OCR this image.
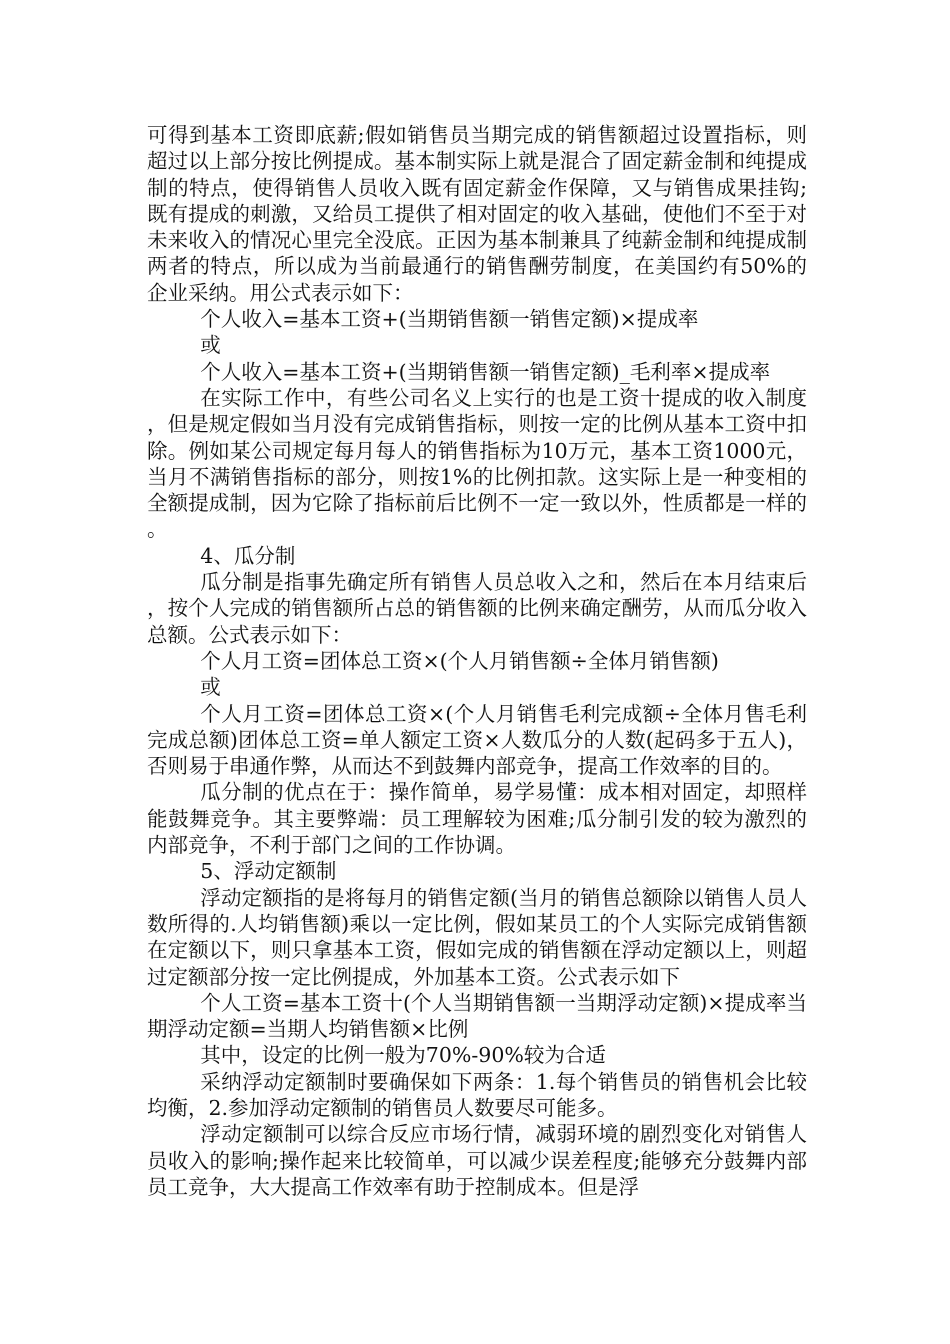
可得到基本工资即底薪;假如销售员当期完成的销售额超过设置指标，则超过以上部分按比例提成。基本制实际上就是混合了固定薪金制和纯提成制的特点，使得销售人员收入既有固定薪金作保障，又与销售成果挂钩;既有提成的刺激，又给员工提供了相对固定的收入基础，使他们不至于对未来收入的情况心里完全没底。正因为基本制兼具了纯薪金制和纯提成制两者的特点，所以成为当前最通行的销售酬劳制度，在美国约有50%的企业采纳。用公式表示如下：

个人收入=基本工资+(当期销售额一销售定额)×提成率

或

个人收入=基本工资+(当期销售额一销售定额)_毛利率×提成率

在实际工作中，有些公司名义上实行的也是工资十提成的收入制度，但是规定假如当月没有完成销售指标，则按一定的比例从基本工资中扣除。例如某公司规定每月每人的销售指标为10万元，基本工资1000元，当月不满销售指标的部分，则按1%的比例扣款。这实际上是一种变相的全额提成制，因为它除了指标前后比例不一定一致以外，性质都是一样的。

4、瓜分制

瓜分制是指事先确定所有销售人员总收入之和，然后在本月结束后，按个人完成的销售额所占总的销售额的比例来确定酬劳，从而瓜分收入总额。公式表示如下：

个人月工资=团体总工资×(个人月销售额÷全体月销售额)

或

个人月工资=团体总工资×(个人月销售毛利完成额÷全体月售毛利完成总额)团体总工资=单人额定工资×人数瓜分的人数(起码多于五人)，否则易于串通作弊，从而达不到鼓舞内部竞争，提高工作效率的目的。

瓜分制的优点在于：操作简单，易学易懂：成本相对固定，却照样能鼓舞竞争。其主要弊端：员工理解较为困难;瓜分制引发的较为激烈的内部竞争，不利于部门之间的工作协调。

5、浮动定额制

浮动定额指的是将每月的销售定额(当月的销售总额除以销售人员人数所得的.人均销售额)乘以一定比例，假如某员工的个人实际完成销售额在定额以下，则只拿基本工资，假如完成的销售额在浮动定额以上，则超过定额部分按一定比例提成，外加基本工资。公式表示如下

个人工资=基本工资十(个人当期销售额一当期浮动定额)×提成率当期浮动定额=当期人均销售额×比例

其中，设定的比例一般为70%-90%较为合适

采纳浮动定额制时要确保如下两条：1.每个销售员的销售机会比较均衡，2.参加浮动定额制的销售员人数要尽可能多。

浮动定额制可以综合反应市场行情，减弱环境的剧烈变化对销售人员收入的影响;操作起来比较简单，可以减少误差程度;能够充分鼓舞内部员工竞争，大大提高工作效率有助于控制成本。但是浮
